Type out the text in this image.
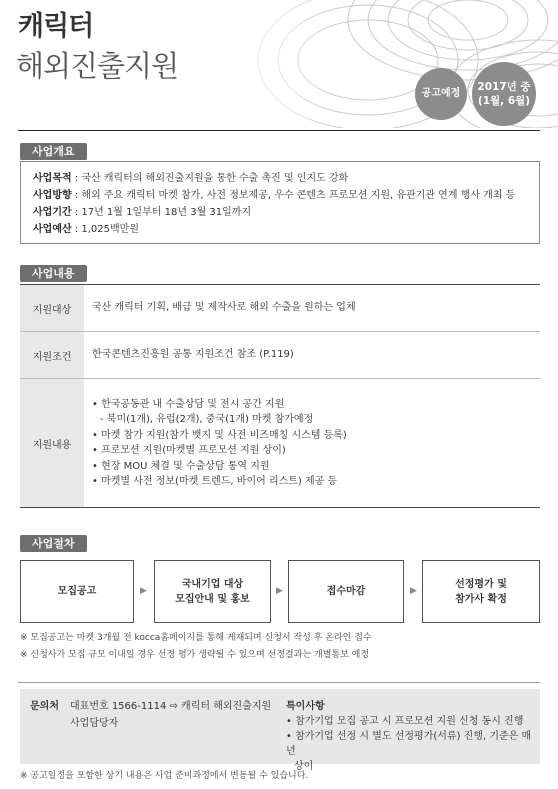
캐릭터
해외진출지원
공고예정
2017년 중
(1월, 6월)
사업개요
사업목적 : 국산 캐릭터의 해외진출지원을 통한 수출 촉진 및 인지도 강화
사업방향 : 해외 주요 캐릭터 마켓 참가, 사전 정보제공, 우수 콘텐츠 프로모션 지원, 유관기관 연계 행사 개최 등
사업기간 : 17년 1월 1일부터 18년 3월 31일까지
사업예산 : 1,025백만원
사업내용
지원대상	국산 캐릭터 기획, 배급 및 제작사로 해외 수출을 원하는 업체
지원조건	한국콘텐츠진흥원 공통 지원조건 참조 (P.119)
지원내용
• 한국공동관 내 수출상담 및 전시 공간 지원
- 북미(1개), 유럽(2개), 중국(1개) 마켓 참가예정
• 마켓 참가 지원(참가 뱃지 및 사전 비즈매칭 시스템 등록)
• 프로모션 지원(마켓별 프로모션 지원 상이)
• 현장 MOU 체결 및 수출상담 통역 지원
• 마켓별 사전 정보(마켓 트렌드, 바이어 리스트) 제공 등
사업절차
모집공고	▶
국내기업 대상
모집안내 및 홍보
▶	접수마감	▶
선정평가 및
참가사 확정
※ 모집공고는 마켓 3개월 전 kocca홈페이지를 통해 게재되며 신청서 작성 후 온라인 접수
※ 신청사가 모집 규모 이내일 경우 선정 평가 생략될 수 있으며 선정결과는 개별통보 예정
문의처 대표번호 1566-1114 ⇨ 캐릭터 해외진출지원
사업담당자
특이사항
• 참가기업 모집 공고 시 프로모션 지원 신청 동시 진행
• 참가기업 선정 시 별도 선정평가(서류) 진행, 기준은 매년
상이
※ 공고일정을 포함한 상기 내용은 사업 준비과정에서 변동될 수 있습니다.
